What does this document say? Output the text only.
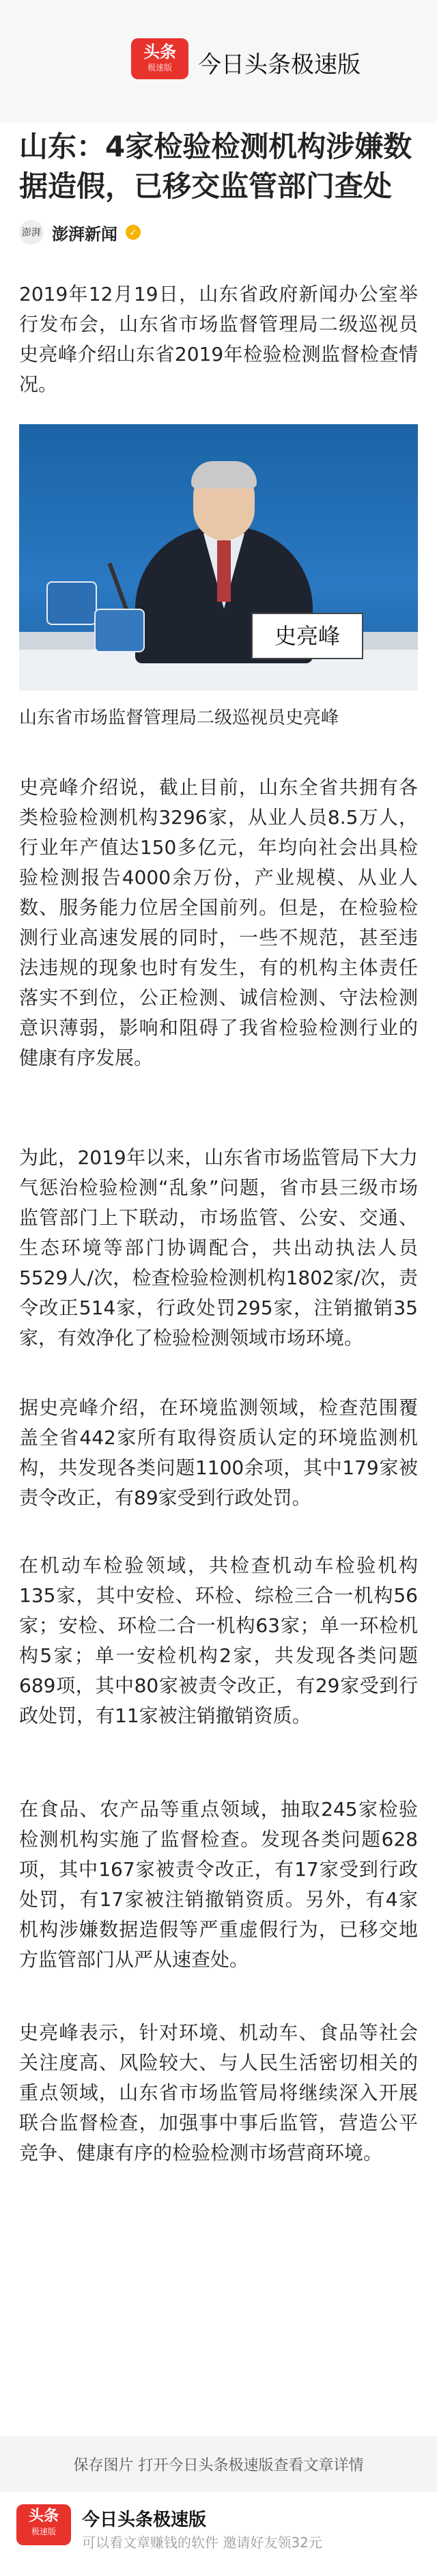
头条
极速版	今日头条极速版
山东：4家检验检测机构涉嫌数据造假，已移交监管部门查处
澎湃 澎湃新闻	✓

2019年12月19日，山东省政府新闻办公室举行发布会，山东省市场监督管理局二级巡视员史亮峰介绍山东省2019年检验检测监督检查情况。

史亮峰

山东省市场监督管理局二级巡视员史亮峰

史亮峰介绍说，截止目前，山东全省共拥有各类检验检测机构3296家，从业人员8.5万人，行业年产值达150多亿元，年均向社会出具检验检测报告4000余万份，产业规模、从业人数、服务能力位居全国前列。但是，在检验检测行业高速发展的同时，一些不规范，甚至违法违规的现象也时有发生，有的机构主体责任落实不到位，公正检测、诚信检测、守法检测意识薄弱，影响和阻碍了我省检验检测行业的健康有序发展。

为此，2019年以来，山东省市场监管局下大力气惩治检验检测“乱象”问题，省市县三级市场监管部门上下联动，市场监管、公安、交通、生态环境等部门协调配合，共出动执法人员5529人/次，检查检验检测机构1802家/次，责令改正514家，行政处罚295家，注销撤销35家，有效净化了检验检测领域市场环境。

据史亮峰介绍，在环境监测领域，检查范围覆盖全省442家所有取得资质认定的环境监测机构，共发现各类问题1100余项，其中179家被责令改正，有89家受到行政处罚。

在机动车检验领域，共检查机动车检验机构135家，其中安检、环检、综检三合一机构56家；安检、环检二合一机构63家；单一环检机构5家；单一安检机构2家，共发现各类问题689项，其中80家被责令改正，有29家受到行政处罚，有11家被注销撤销资质。

在食品、农产品等重点领域，抽取245家检验检测机构实施了监督检查。发现各类问题628项，其中167家被责令改正，有17家受到行政处罚，有17家被注销撤销资质。另外，有4家机构涉嫌数据造假等严重虚假行为，已移交地方监管部门从严从速查处。

史亮峰表示，针对环境、机动车、食品等社会关注度高、风险较大、与人民生活密切相关的重点领域，山东省市场监管局将继续深入开展联合监督检查，加强事中事后监管，营造公平竞争、健康有序的检验检测市场营商环境。

保存图片 打开今日头条极速版查看文章详情
头条
极速版
今日头条极速版
可以看文章赚钱的软件 邀请好友领32元
